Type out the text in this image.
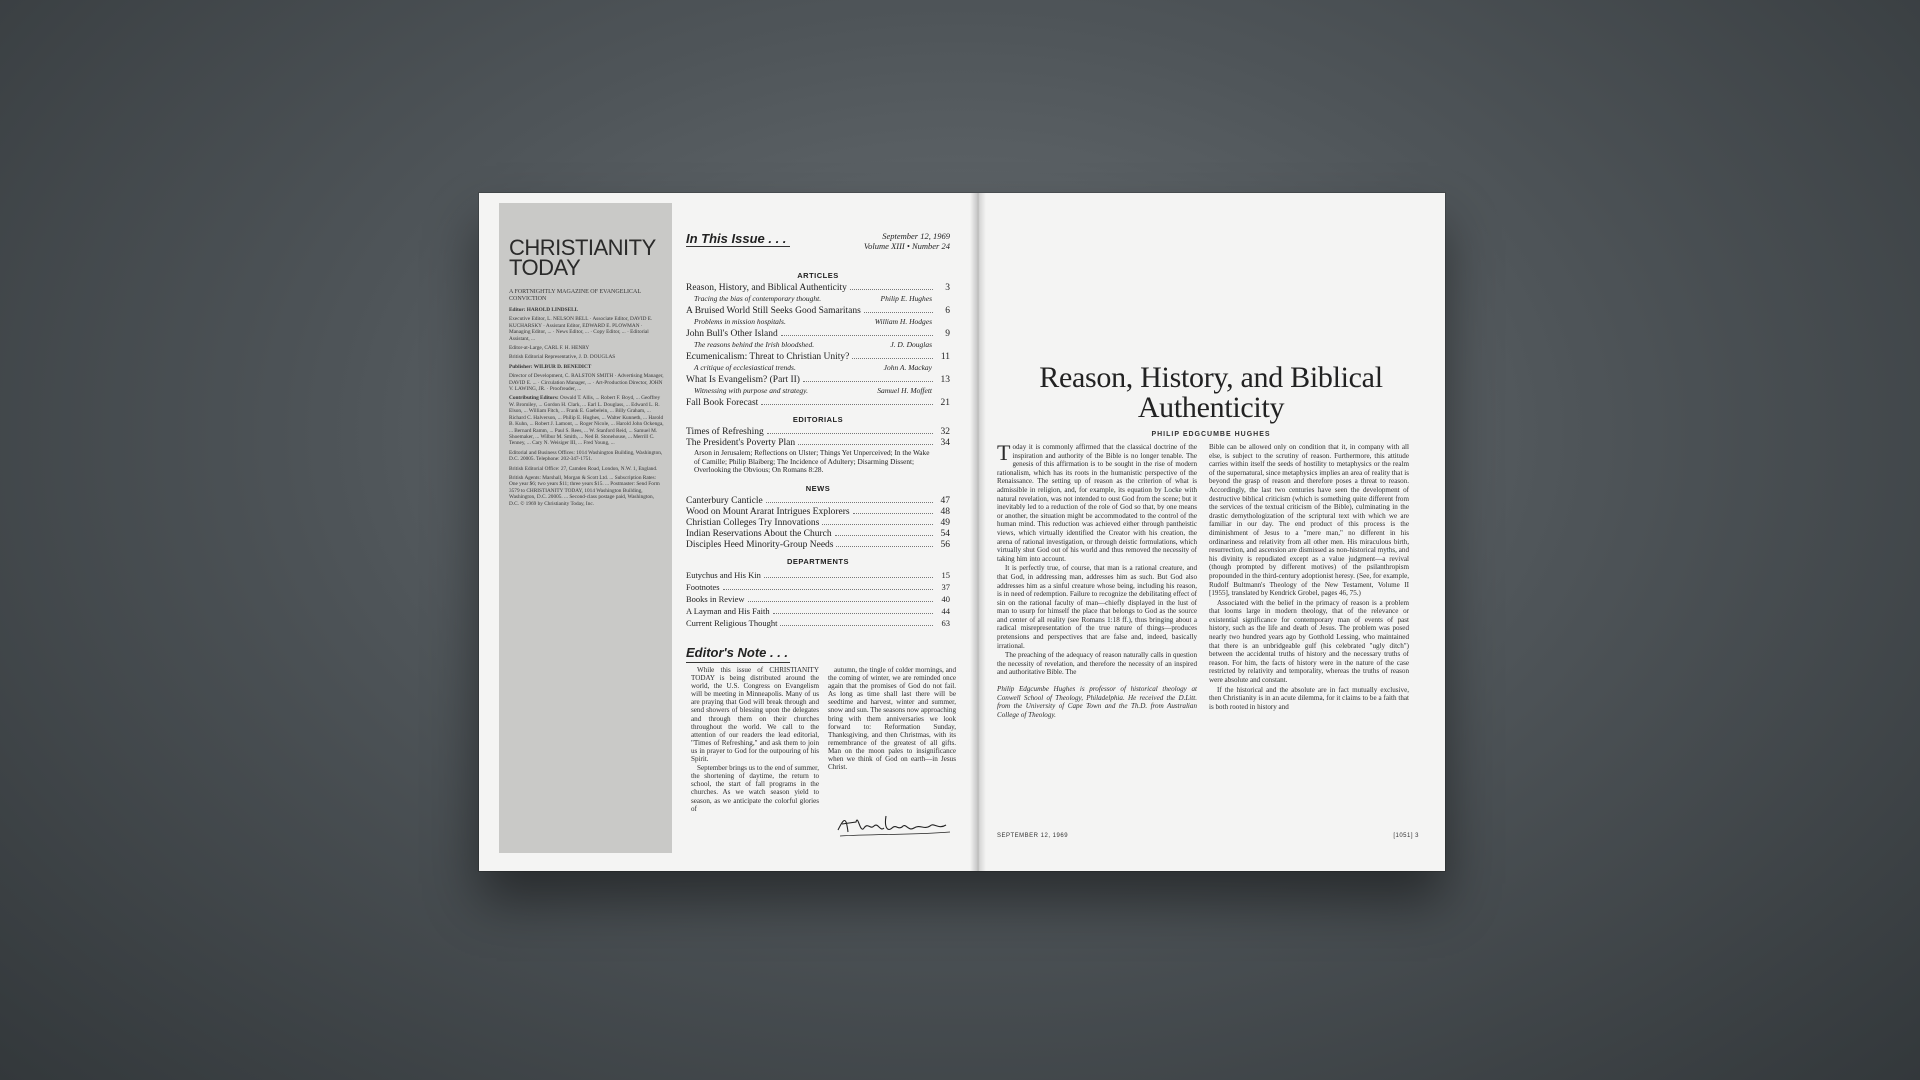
CHRISTIANITY
TODAY
A FORTNIGHTLY MAGAZINE OF EVANGELICAL CONVICTION

Editor: HAROLD LINDSELL

Executive Editor, L. NELSON BELL · Associate Editor, DAVID E. KUCHARSKY · Assistant Editor, EDWARD E. PLOWMAN · Managing Editor, ... · News Editor, ... · Copy Editor, ... · Editorial Assistant, ...

Editor-at-Large, CARL F. H. HENRY

British Editorial Representative, J. D. DOUGLAS

Publisher: WILBUR D. BENEDICT

Director of Development, C. RALSTON SMITH · Advertising Manager, DAVID E. ... · Circulation Manager, ... · Art-Production Director, JOHN V. LAWING, JR. · Proofreader, ...

Contributing Editors: Oswald T. Allis, ... Robert F. Boyd, ... Geoffrey W. Bromiley, ... Gordon H. Clark, ... Earl L. Douglass, ... Edward L. R. Elson, ... William Fitch, ... Frank E. Gaebelein, ... Billy Graham, ... Richard C. Halverson, ... Philip E. Hughes, ... Walter Kunneth, ... Harold B. Kuhn, ... Robert J. Lamont, ... Roger Nicole, ... Harold John Ockenga, ... Bernard Ramm, ... Paul S. Rees, ... W. Stanford Reid, ... Samuel M. Shoemaker, ... Wilbur M. Smith, ... Ned B. Stonehouse, ... Merrill C. Tenney, ... Cary N. Weisiger III, ... Fred Young, ...

Editorial and Business Offices: 1014 Washington Building, Washington, D.C. 20005. Telephone: 202-347-1751.

British Editorial Office: 27, Camden Road, London, N.W. 1, England.

British Agents: Marshall, Morgan & Scott Ltd. ... Subscription Rates: One year $6; two years $11; three years $15. ... Postmaster: Send Form 3579 to CHRISTIANITY TODAY, 1014 Washington Building, Washington, D.C. 20005. ... Second-class postage paid, Washington, D.C. © 1969 by Christianity Today, Inc.

In This Issue . . .	September 12, 1969
Volume XIII • Number 24
ARTICLES
Reason, History, and Biblical Authenticity	3
Tracing the bias of contemporary thought.	Philip E. Hughes
A Bruised World Still Seeks Good Samaritans	6
Problems in mission hospitals.	William H. Hodges
John Bull's Other Island	9
The reasons behind the Irish bloodshed.	J. D. Douglas
Ecumenicalism: Threat to Christian Unity?	11
A critique of ecclesiastical trends.	John A. Mackay
What Is Evangelism? (Part II)	13
Witnessing with purpose and strategy.	Samuel H. Moffett
Fall Book Forecast	21
EDITORIALS
Times of Refreshing	32
The President's Poverty Plan	34
Arson in Jerusalem; Reflections on Ulster; Things Yet Unperceived; In the Wake of Camille; Philip Blaiberg; The Incidence of Adultery; Disarming Dissent; Overlooking the Obvious; On Romans 8:28.
NEWS
Canterbury Canticle	47
Wood on Mount Ararat Intrigues Explorers	48
Christian Colleges Try Innovations	49
Indian Reservations About the Church	54
Disciples Heed Minority-Group Needs	56
DEPARTMENTS
Eutychus and His Kin	15
Footnotes	37
Books in Review	40
A Layman and His Faith	44
Current Religious Thought	63
Editor's Note . . .

While this issue of CHRISTIANITY TODAY is being distributed around the world, the U.S. Congress on Evangelism will be meeting in Minneapolis. Many of us are praying that God will break through and send showers of blessing upon the delegates and through them on their churches throughout the world. We call to the attention of our readers the lead editorial, "Times of Refreshing," and ask them to join us in prayer to God for the outpouring of his Spirit.

September brings us to the end of summer, the shortening of daytime, the return to school, the start of fall programs in the churches. As we watch season yield to season, as we anticipate the colorful glories of

autumn, the tingle of colder mornings, and the coming of winter, we are reminded once again that the promises of God do not fail. As long as time shall last there will be seedtime and harvest, winter and summer, snow and sun. The seasons now approaching bring with them anniversaries we look forward to: Reformation Sunday, Thanksgiving, and then Christmas, with its remembrance of the greatest of all gifts. Man on the moon pales to insignificance when we think of God on earth—in Jesus Christ.

Reason, History, and Biblical Authenticity
PHILIP EDGCUMBE HUGHES

Today it is commonly affirmed that the classical doctrine of the inspiration and authority of the Bible is no longer tenable. The genesis of this affirmation is to be sought in the rise of modern rationalism, which has its roots in the humanistic perspective of the Renaissance. The setting up of reason as the criterion of what is admissible in religion, and, for example, its equation by Locke with natural revelation, was not intended to oust God from the scene; but it inevitably led to a reduction of the role of God so that, by one means or another, the situation might be accommodated to the control of the human mind. This reduction was achieved either through pantheistic views, which virtually identified the Creator with his creation, the arena of rational investigation, or through deistic formulations, which virtually shut God out of his world and thus removed the necessity of taking him into account.

It is perfectly true, of course, that man is a rational creature, and that God, in addressing man, addresses him as such. But God also addresses him as a sinful creature whose being, including his reason, is in need of redemption. Failure to recognize the debilitating effect of sin on the rational faculty of man—chiefly displayed in the lust of man to usurp for himself the place that belongs to God as the source and center of all reality (see Romans 1:18 ff.), thus bringing about a radical misrepresentation of the true nature of things—produces pretensions and perspectives that are false and, indeed, basically irrational.

The preaching of the adequacy of reason naturally calls in question the necessity of revelation, and therefore the necessity of an inspired and authoritative Bible. The

Philip Edgcumbe Hughes is professor of historical theology at Conwell School of Theology, Philadelphia. He received the D.Litt. from the University of Cape Town and the Th.D. from Australian College of Theology.

Bible can be allowed only on condition that it, in company with all else, is subject to the scrutiny of reason. Furthermore, this attitude carries within itself the seeds of hostility to metaphysics or the realm of the supernatural, since metaphysics implies an area of reality that is beyond the grasp of reason and therefore poses a threat to reason. Accordingly, the last two centuries have seen the development of destructive biblical criticism (which is something quite different from the services of the textual criticism of the Bible), culminating in the drastic demythologization of the scriptural text with which we are familiar in our day. The end product of this process is the diminishment of Jesus to a "mere man," no different in his ordinariness and relativity from all other men. His miraculous birth, resurrection, and ascension are dismissed as non-historical myths, and his divinity is repudiated except as a value judgment—a revival (though prompted by different motives) of the psilanthropism propounded in the third-century adoptionist heresy. (See, for example, Rudolf Bultmann's Theology of the New Testament, Volume II [1955], translated by Kendrick Grobel, pages 46, 75.)

Associated with the belief in the primacy of reason is a problem that looms large in modern theology, that of the relevance or existential significance for contemporary man of events of past history, such as the life and death of Jesus. The problem was posed nearly two hundred years ago by Gotthold Lessing, who maintained that there is an unbridgeable gulf (his celebrated "ugly ditch") between the accidental truths of history and the necessary truths of reason. For him, the facts of history were in the nature of the case restricted by relativity and temporality, whereas the truths of reason were absolute and constant.

If the historical and the absolute are in fact mutually exclusive, then Christianity is in an acute dilemma, for it claims to be a faith that is both rooted in history and

SEPTEMBER 12, 1969	[1051] 3
